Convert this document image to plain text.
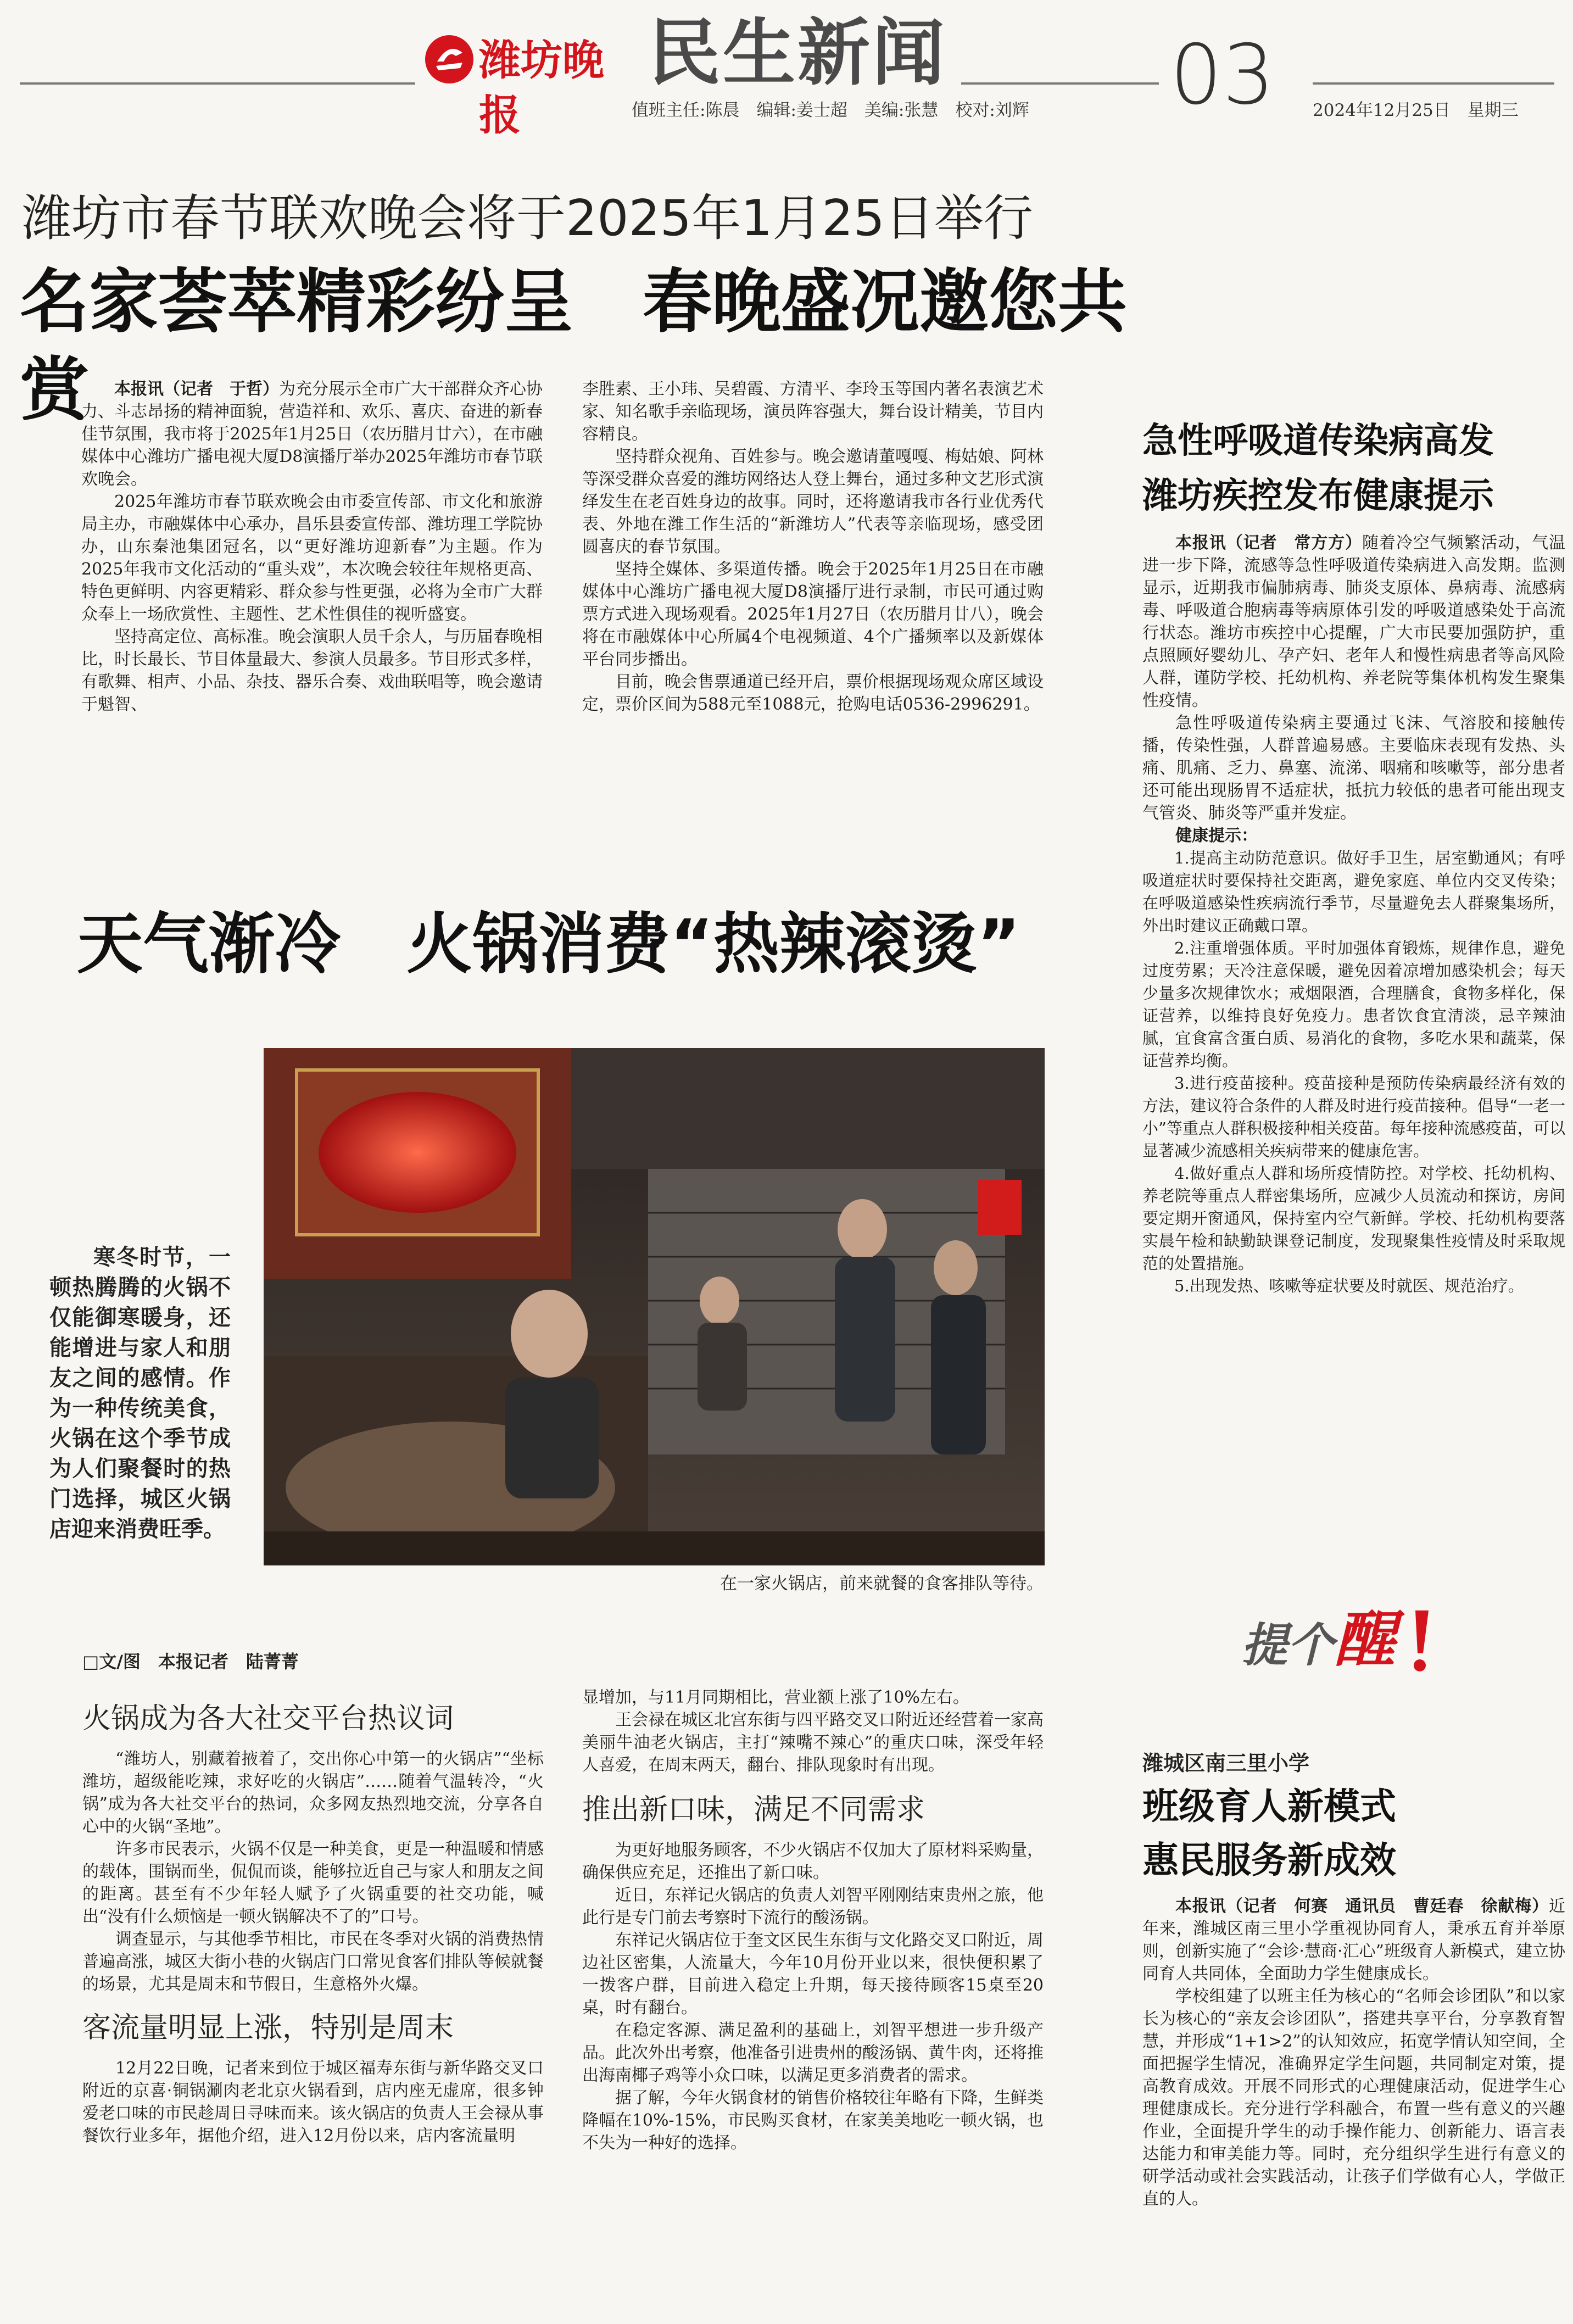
潍坊晚报
民生新闻	03
值班主任:陈晨　编辑:姜士超　美编:张慧　校对:刘辉	2024年12月25日　星期三
潍坊市春节联欢晚会将于2025年1月25日举行
名家荟萃精彩纷呈　春晚盛况邀您共赏	本报讯（记者　于哲）为充分展示全市广大干部群众齐心协力、斗志昂扬的精神面貌，营造祥和、欢乐、喜庆、奋进的新春佳节氛围，我市将于2025年1月25日（农历腊月廿六），在市融媒体中心潍坊广播电视大厦D8演播厅举办2025年潍坊市春节联欢晚会。

2025年潍坊市春节联欢晚会由市委宣传部、市文化和旅游局主办，市融媒体中心承办，昌乐县委宣传部、潍坊理工学院协办，山东秦池集团冠名，以“更好潍坊迎新春”为主题。作为2025年我市文化活动的“重头戏”，本次晚会较往年规格更高、特色更鲜明、内容更精彩、群众参与性更强，必将为全市广大群众奉上一场欣赏性、主题性、艺术性俱佳的视听盛宴。

坚持高定位、高标准。晚会演职人员千余人，与历届春晚相比，时长最长、节目体量最大、参演人员最多。节目形式多样，有歌舞、相声、小品、杂技、器乐合奏、戏曲联唱等，晚会邀请于魁智、

李胜素、王小玮、吴碧霞、方清平、李玲玉等国内著名表演艺术家、知名歌手亲临现场，演员阵容强大，舞台设计精美，节目内容精良。

坚持群众视角、百姓参与。晚会邀请董嘎嘎、梅姑娘、阿林等深受群众喜爱的潍坊网络达人登上舞台，通过多种文艺形式演绎发生在老百姓身边的故事。同时，还将邀请我市各行业优秀代表、外地在潍工作生活的“新潍坊人”代表等亲临现场，感受团圆喜庆的春节氛围。

坚持全媒体、多渠道传播。晚会于2025年1月25日在市融媒体中心潍坊广播电视大厦D8演播厅进行录制，市民可通过购票方式进入现场观看。2025年1月27日（农历腊月廿八），晚会将在市融媒体中心所属4个电视频道、4个广播频率以及新媒体平台同步播出。

目前，晚会售票通道已经开启，票价根据现场观众席区域设定，票价区间为588元至1088元，抢购电话0536-2996291。

天气渐冷　火锅消费“热辣滚烫”
寒冬时节，一顿热腾腾的火锅不仅能御寒暖身，还能增进与家人和朋友之间的感情。作为一种传统美食，火锅在这个季节成为人们聚餐时的热门选择，城区火锅店迎来消费旺季。
在一家火锅店，前来就餐的食客排队等待。
□文/图　本报记者　陆菁菁

火锅成为各大社交平台热议词

“潍坊人，别藏着掖着了，交出你心中第一的火锅店”“坐标潍坊，超级能吃辣，求好吃的火锅店”……随着气温转冷，“火锅”成为各大社交平台的热词，众多网友热烈地交流，分享各自心中的火锅“圣地”。

许多市民表示，火锅不仅是一种美食，更是一种温暖和情感的载体，围锅而坐，侃侃而谈，能够拉近自己与家人和朋友之间的距离。甚至有不少年轻人赋予了火锅重要的社交功能，喊出“没有什么烦恼是一顿火锅解决不了的”口号。

调查显示，与其他季节相比，市民在冬季对火锅的消费热情普遍高涨，城区大街小巷的火锅店门口常见食客们排队等候就餐的场景，尤其是周末和节假日，生意格外火爆。

客流量明显上涨，特别是周末

12月22日晚，记者来到位于城区福寿东街与新华路交叉口附近的京喜·铜锅涮肉老北京火锅看到，店内座无虚席，很多钟爱老口味的市民趁周日寻味而来。该火锅店的负责人王会禄从事餐饮行业多年，据他介绍，进入12月份以来，店内客流量明

显增加，与11月同期相比，营业额上涨了10%左右。

王会禄在城区北宫东街与四平路交叉口附近还经营着一家高美丽牛油老火锅店，主打“辣嘴不辣心”的重庆口味，深受年轻人喜爱，在周末两天，翻台、排队现象时有出现。

推出新口味，满足不同需求

为更好地服务顾客，不少火锅店不仅加大了原材料采购量，确保供应充足，还推出了新口味。

近日，东祥记火锅店的负责人刘智平刚刚结束贵州之旅，他此行是专门前去考察时下流行的酸汤锅。

东祥记火锅店位于奎文区民生东街与文化路交叉口附近，周边社区密集，人流量大，今年10月份开业以来，很快便积累了一拨客户群，目前进入稳定上升期，每天接待顾客15桌至20桌，时有翻台。

在稳定客源、满足盈利的基础上，刘智平想进一步升级产品。此次外出考察，他准备引进贵州的酸汤锅、黄牛肉，还将推出海南椰子鸡等小众口味，以满足更多消费者的需求。

据了解，今年火锅食材的销售价格较往年略有下降，生鲜类降幅在10%-15%，市民购买食材，在家美美地吃一顿火锅，也不失为一种好的选择。

急性呼吸道传染病高发
潍坊疾控发布健康提示

本报讯（记者　常方方）随着冷空气频繁活动，气温进一步下降，流感等急性呼吸道传染病进入高发期。监测显示，近期我市偏肺病毒、肺炎支原体、鼻病毒、流感病毒、呼吸道合胞病毒等病原体引发的呼吸道感染处于高流行状态。潍坊市疾控中心提醒，广大市民要加强防护，重点照顾好婴幼儿、孕产妇、老年人和慢性病患者等高风险人群，谨防学校、托幼机构、养老院等集体机构发生聚集性疫情。

急性呼吸道传染病主要通过飞沫、气溶胶和接触传播，传染性强，人群普遍易感。主要临床表现有发热、头痛、肌痛、乏力、鼻塞、流涕、咽痛和咳嗽等，部分患者还可能出现肠胃不适症状，抵抗力较低的患者可能出现支气管炎、肺炎等严重并发症。

健康提示：

1.提高主动防范意识。做好手卫生，居室勤通风；有呼吸道症状时要保持社交距离，避免家庭、单位内交叉传染；在呼吸道感染性疾病流行季节，尽量避免去人群聚集场所，外出时建议正确戴口罩。

2.注重增强体质。平时加强体育锻炼，规律作息，避免过度劳累；天冷注意保暖，避免因着凉增加感染机会；每天少量多次规律饮水；戒烟限酒，合理膳食，食物多样化，保证营养，以维持良好免疫力。患者饮食宜清淡，忌辛辣油腻，宜食富含蛋白质、易消化的食物，多吃水果和蔬菜，保证营养均衡。

3.进行疫苗接种。疫苗接种是预防传染病最经济有效的方法，建议符合条件的人群及时进行疫苗接种。倡导“一老一小”等重点人群积极接种相关疫苗。每年接种流感疫苗，可以显著减少流感相关疾病带来的健康危害。

4.做好重点人群和场所疫情防控。对学校、托幼机构、养老院等重点人群密集场所，应减少人员流动和探访，房间要定期开窗通风，保持室内空气新鲜。学校、托幼机构要落实晨午检和缺勤缺课登记制度，发现聚集性疫情及时采取规范的处置措施。

5.出现发热、咳嗽等症状要及时就医、规范治疗。

提个 醒
潍城区南三里小学
班级育人新模式
惠民服务新成效

本报讯（记者　何赛　通讯员　曹廷春　徐献梅）近年来，潍城区南三里小学重视协同育人，秉承五育并举原则，创新实施了“会诊·慧商·汇心”班级育人新模式，建立协同育人共同体，全面助力学生健康成长。

学校组建了以班主任为核心的“名师会诊团队”和以家长为核心的“亲友会诊团队”，搭建共享平台，分享教育智慧，并形成“1+1>2”的认知效应，拓宽学情认知空间，全面把握学生情况，准确界定学生问题，共同制定对策，提高教育成效。开展不同形式的心理健康活动，促进学生心理健康成长。充分进行学科融合，布置一些有意义的兴趣作业，全面提升学生的动手操作能力、创新能力、语言表达能力和审美能力等。同时，充分组织学生进行有意义的研学活动或社会实践活动，让孩子们学做有心人，学做正直的人。
